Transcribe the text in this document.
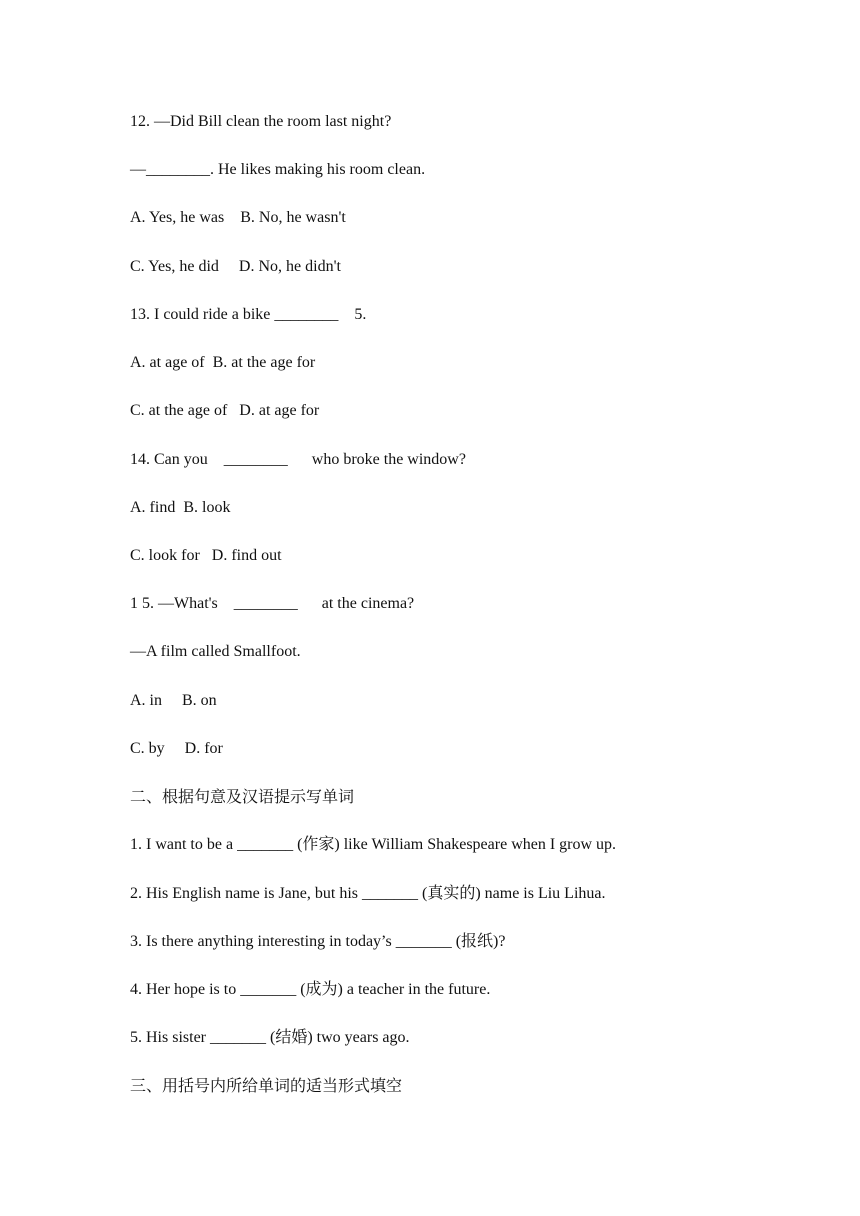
12. —Did Bill clean the room last night?
—________. He likes making his room clean.
A. Yes, he was    B. No, he wasn't
C. Yes, he did     D. No, he didn't
13. I could ride a bike ________    5.
A. at age of  B. at the age for
C. at the age of   D. at age for
14. Can you    ________      who broke the window?
A. find  B. look
C. look for   D. find out
1 5. —What's    ________      at the cinema?
—A film called Smallfoot.
A. in     B. on
C. by     D. for
二、根据句意及汉语提示写单词
1. I want to be a _______ (作家) like William Shakespeare when I grow up.
2. His English name is Jane, but his _______ (真实的) name is Liu Lihua.
3. Is there anything interesting in today’s _______ (报纸)?
4. Her hope is to _______ (成为) a teacher in the future.
5. His sister _______ (结婚) two years ago.
三、用括号内所给单词的适当形式填空
